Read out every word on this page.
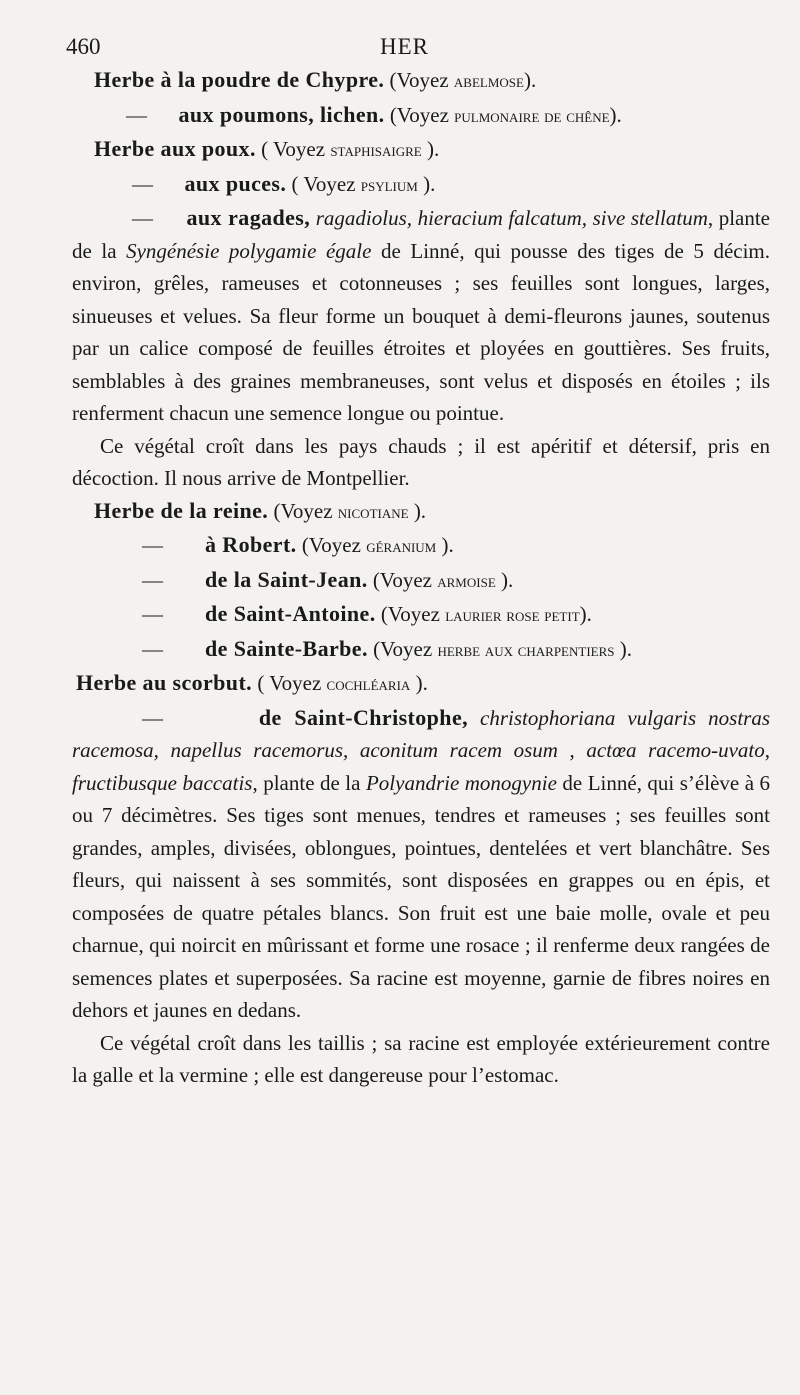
460	HER

Herbe à la poudre de Chypre. (Voyez abelmose).

— aux poumons, lichen. (Voyez pulmonaire de chêne).

Herbe aux poux. ( Voyez staphisaigre ).

— aux puces. ( Voyez psylium ).

— aux ragades, ragadiolus, hieracium falcatum, sive stellatum, plante de la Syngénésie polygamie égale de Linné, qui pousse des tiges de 5 décim. environ, grêles, rameuses et cotonneuses ; ses feuilles sont longues, larges, sinueuses et velues. Sa fleur forme un bouquet à demi-fleurons jaunes, soutenus par un calice composé de feuilles étroites et ployées en gouttières. Ses fruits, semblables à des graines membraneuses, sont velus et disposés en étoiles ; ils renferment chacun une semence longue ou pointue.

Ce végétal croît dans les pays chauds ; il est apéritif et détersif, pris en décoction. Il nous arrive de Montpellier.

Herbe de la reine. (Voyez nicotiane ).

— à Robert. (Voyez géranium ).

— de la Saint-Jean. (Voyez armoise ).

— de Saint-Antoine. (Voyez laurier rose petit).

— de Sainte-Barbe. (Voyez herbe aux charpentiers ).

Herbe au scorbut. ( Voyez cochléaria ).

—	de Saint-Christophe, christophoriana vulgaris nostras racemosa, napellus racemorus, aconitum racem osum , actœa racemo-uvato, fructibusque baccatis, plante de la Polyandrie monogynie de Linné, qui s’élève à 6 ou 7 décimètres. Ses tiges sont menues, tendres et rameuses ; ses feuilles sont grandes, amples, divisées, oblongues, pointues, dentelées et vert blanchâtre. Ses fleurs, qui naissent à ses sommités, sont disposées en grappes ou en épis, et composées de quatre pétales blancs. Son fruit est une baie molle, ovale et peu charnue, qui noircit en mûrissant et forme une rosace ; il renferme deux rangées de semences plates et superposées. Sa racine est moyenne, garnie de fibres noires en dehors et jaunes en dedans.

Ce végétal croît dans les taillis ; sa racine est employée extérieurement contre la galle et la vermine ; elle est dangereuse pour l’estomac.
